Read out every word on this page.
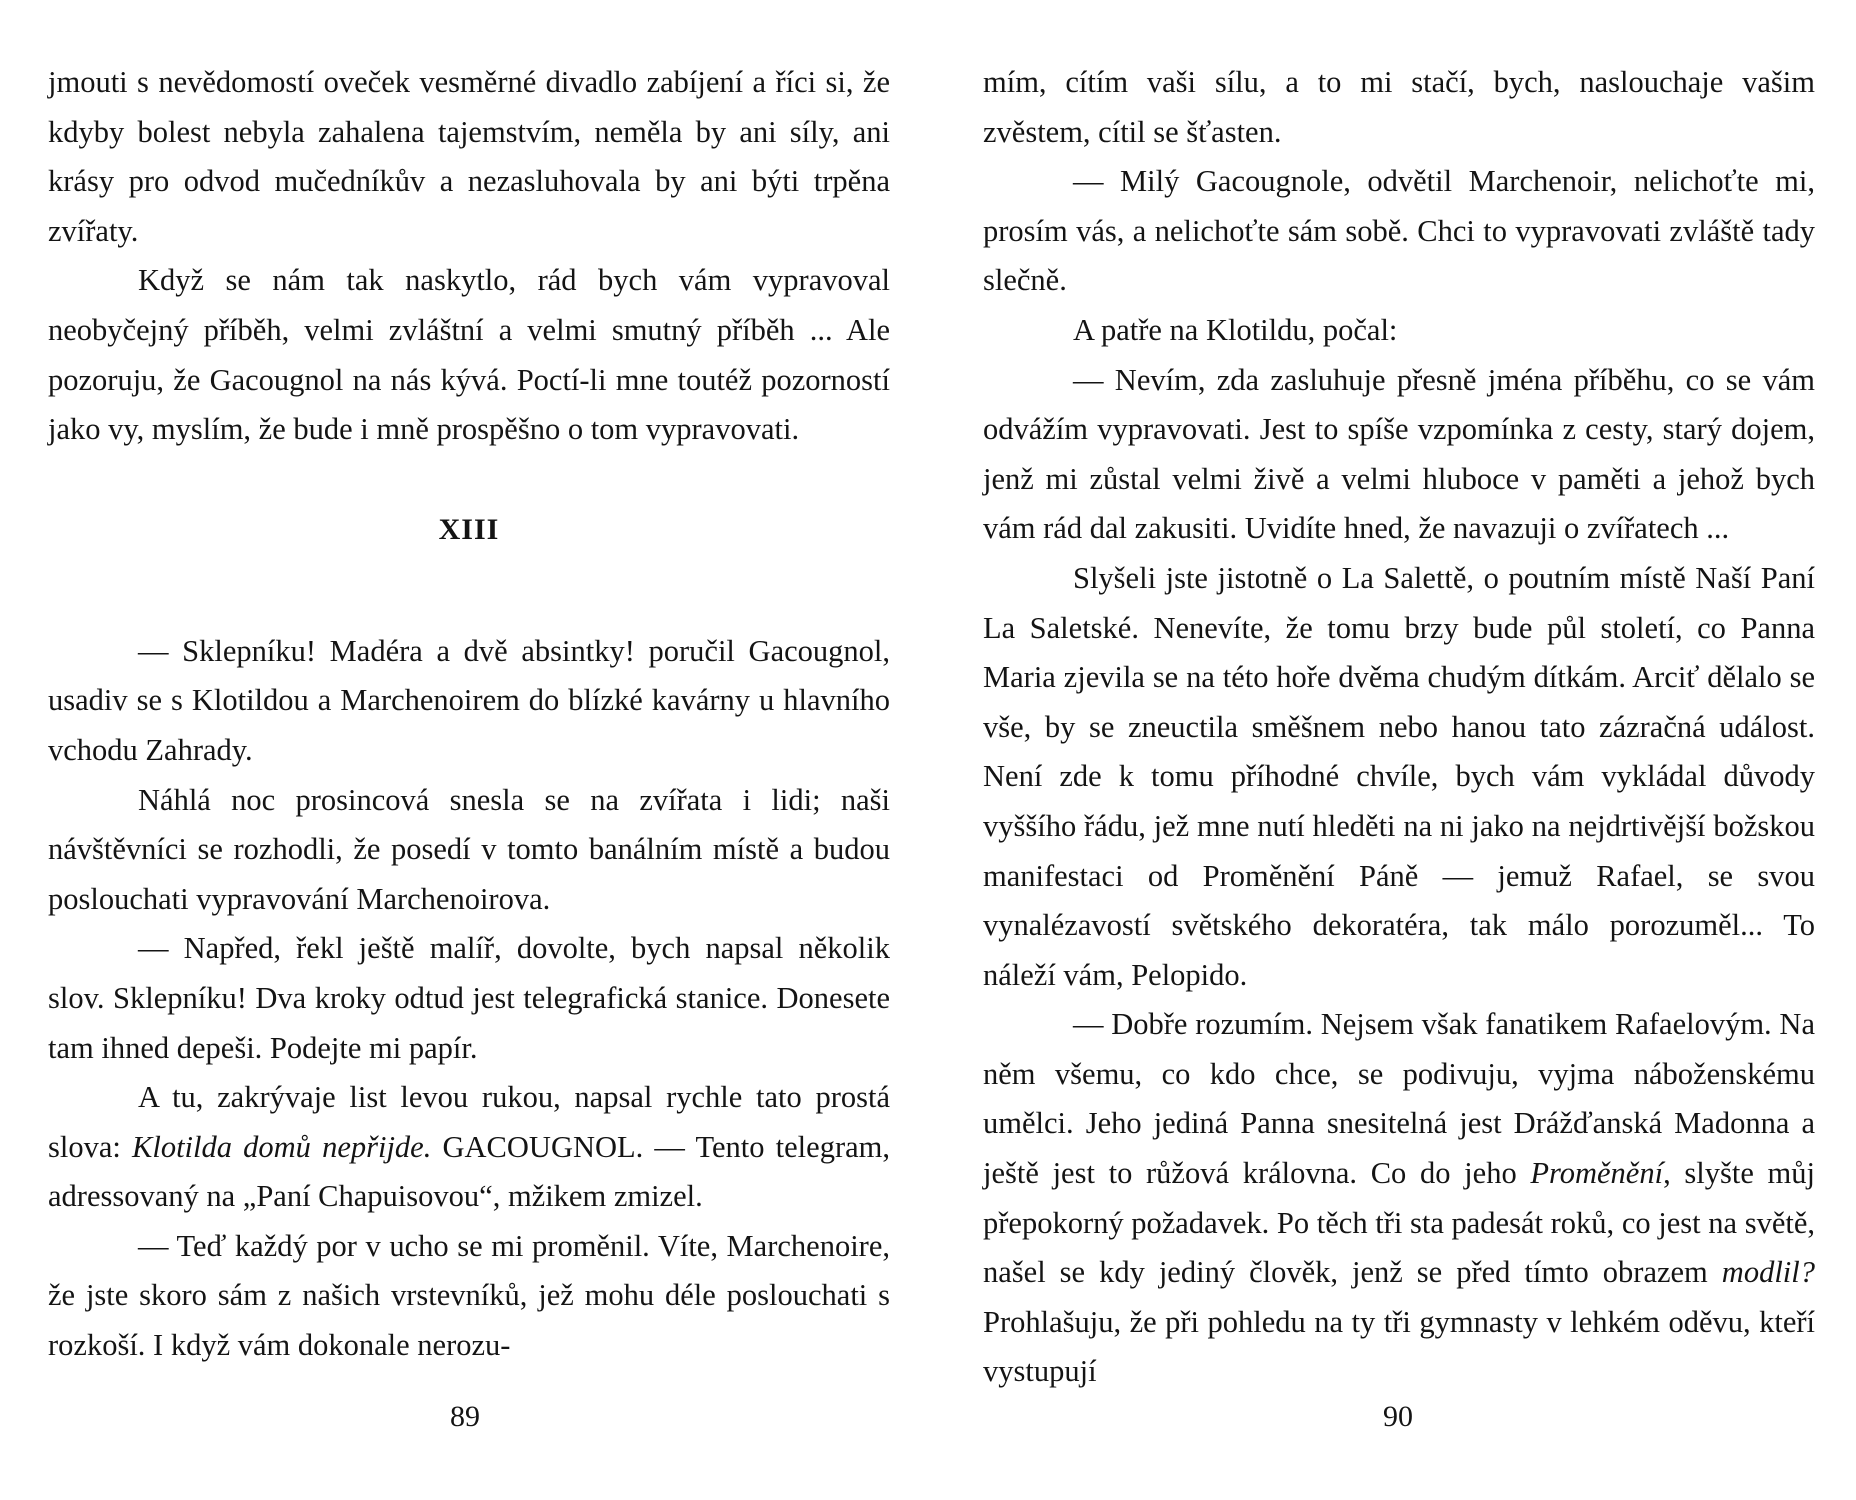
jmouti s nevědomostí oveček vesměrné divadlo zabíjení a říci si, že kdyby bolest nebyla zahalena tajemstvím, neměla by ani síly, ani krásy pro odvod mučedníkův a nezasluhovala by ani býti trpěna zvířaty.

Když se nám tak naskytlo, rád bych vám vypravoval neobyčejný příběh, velmi zvláštní a velmi smutný příběh ... Ale pozoruju, že Gacougnol na nás kývá. Poctí-li mne toutéž pozorností jako vy, myslím, že bude i mně prospěšno o tom vypravovati.

XIII

— Sklepníku! Madéra a dvě absintky! poručil Gacougnol, usadiv se s Klotildou a Marchenoirem do blízké kavárny u hlavního vchodu Zahrady.

Náhlá noc prosincová snesla se na zvířata i lidi; naši návštěvníci se rozhodli, že posedí v tomto banálním místě a budou poslouchati vypravování Marchenoirova.

— Napřed, řekl ještě malíř, dovolte, bych napsal několik slov. Sklepníku! Dva kroky odtud jest telegrafická stanice. Donesete tam ihned depeši. Podejte mi papír.

A tu, zakrývaje list levou rukou, napsal rychle tato prostá slova: Klotilda domů nepřijde. GACOUGNOL. — Tento telegram, adressovaný na „Paní Chapuisovou“, mžikem zmizel.

— Teď každý por v ucho se mi proměnil. Víte, Marchenoire, že jste skoro sám z našich vrstevníků, jež mohu déle poslouchati s rozkoší. I když vám dokonale nerozu-

89

mím, cítím vaši sílu, a to mi stačí, bych, naslouchaje vašim zvěstem, cítil se šťasten.

— Milý Gacougnole, odvětil Marchenoir, nelichoťte mi, prosím vás, a nelichoťte sám sobě. Chci to vypravovati zvláště tady slečně.

A patře na Klotildu, počal:

— Nevím, zda zasluhuje přesně jména příběhu, co se vám odvážím vypravovati. Jest to spíše vzpomínka z cesty, starý dojem, jenž mi zůstal velmi živě a velmi hluboce v paměti a jehož bych vám rád dal zakusiti. Uvidíte hned, že navazuji o zvířatech ...

Slyšeli jste jistotně o La Salettě, o poutním místě Naší Paní La Saletské. Nenevíte, že tomu brzy bude půl století, co Panna Maria zjevila se na této hoře dvěma chudým dítkám. Arciť dělalo se vše, by se zneuctila směšnem nebo hanou tato zázračná událost. Není zde k tomu příhodné chvíle, bych vám vykládal důvody vyššího řádu, jež mne nutí hleděti na ni jako na nejdrtivější božskou manifestaci od Proměnění Páně — jemuž Rafael, se svou vynalézavostí světského dekoratéra, tak málo porozuměl... To náleží vám, Pelopido.

— Dobře rozumím. Nejsem však fanatikem Rafaelovým. Na něm všemu, co kdo chce, se podivuju, vyjma náboženskému umělci. Jeho jediná Panna snesitelná jest Drážďanská Madonna a ještě jest to růžová královna. Co do jeho Proměnění, slyšte můj přepokorný požadavek. Po těch tři sta padesát roků, co jest na světě, našel se kdy jediný člověk, jenž se před tímto obrazem modlil? Prohlašuju, že při pohledu na ty tři gymnasty v lehkém oděvu, kteří vystupují

90
